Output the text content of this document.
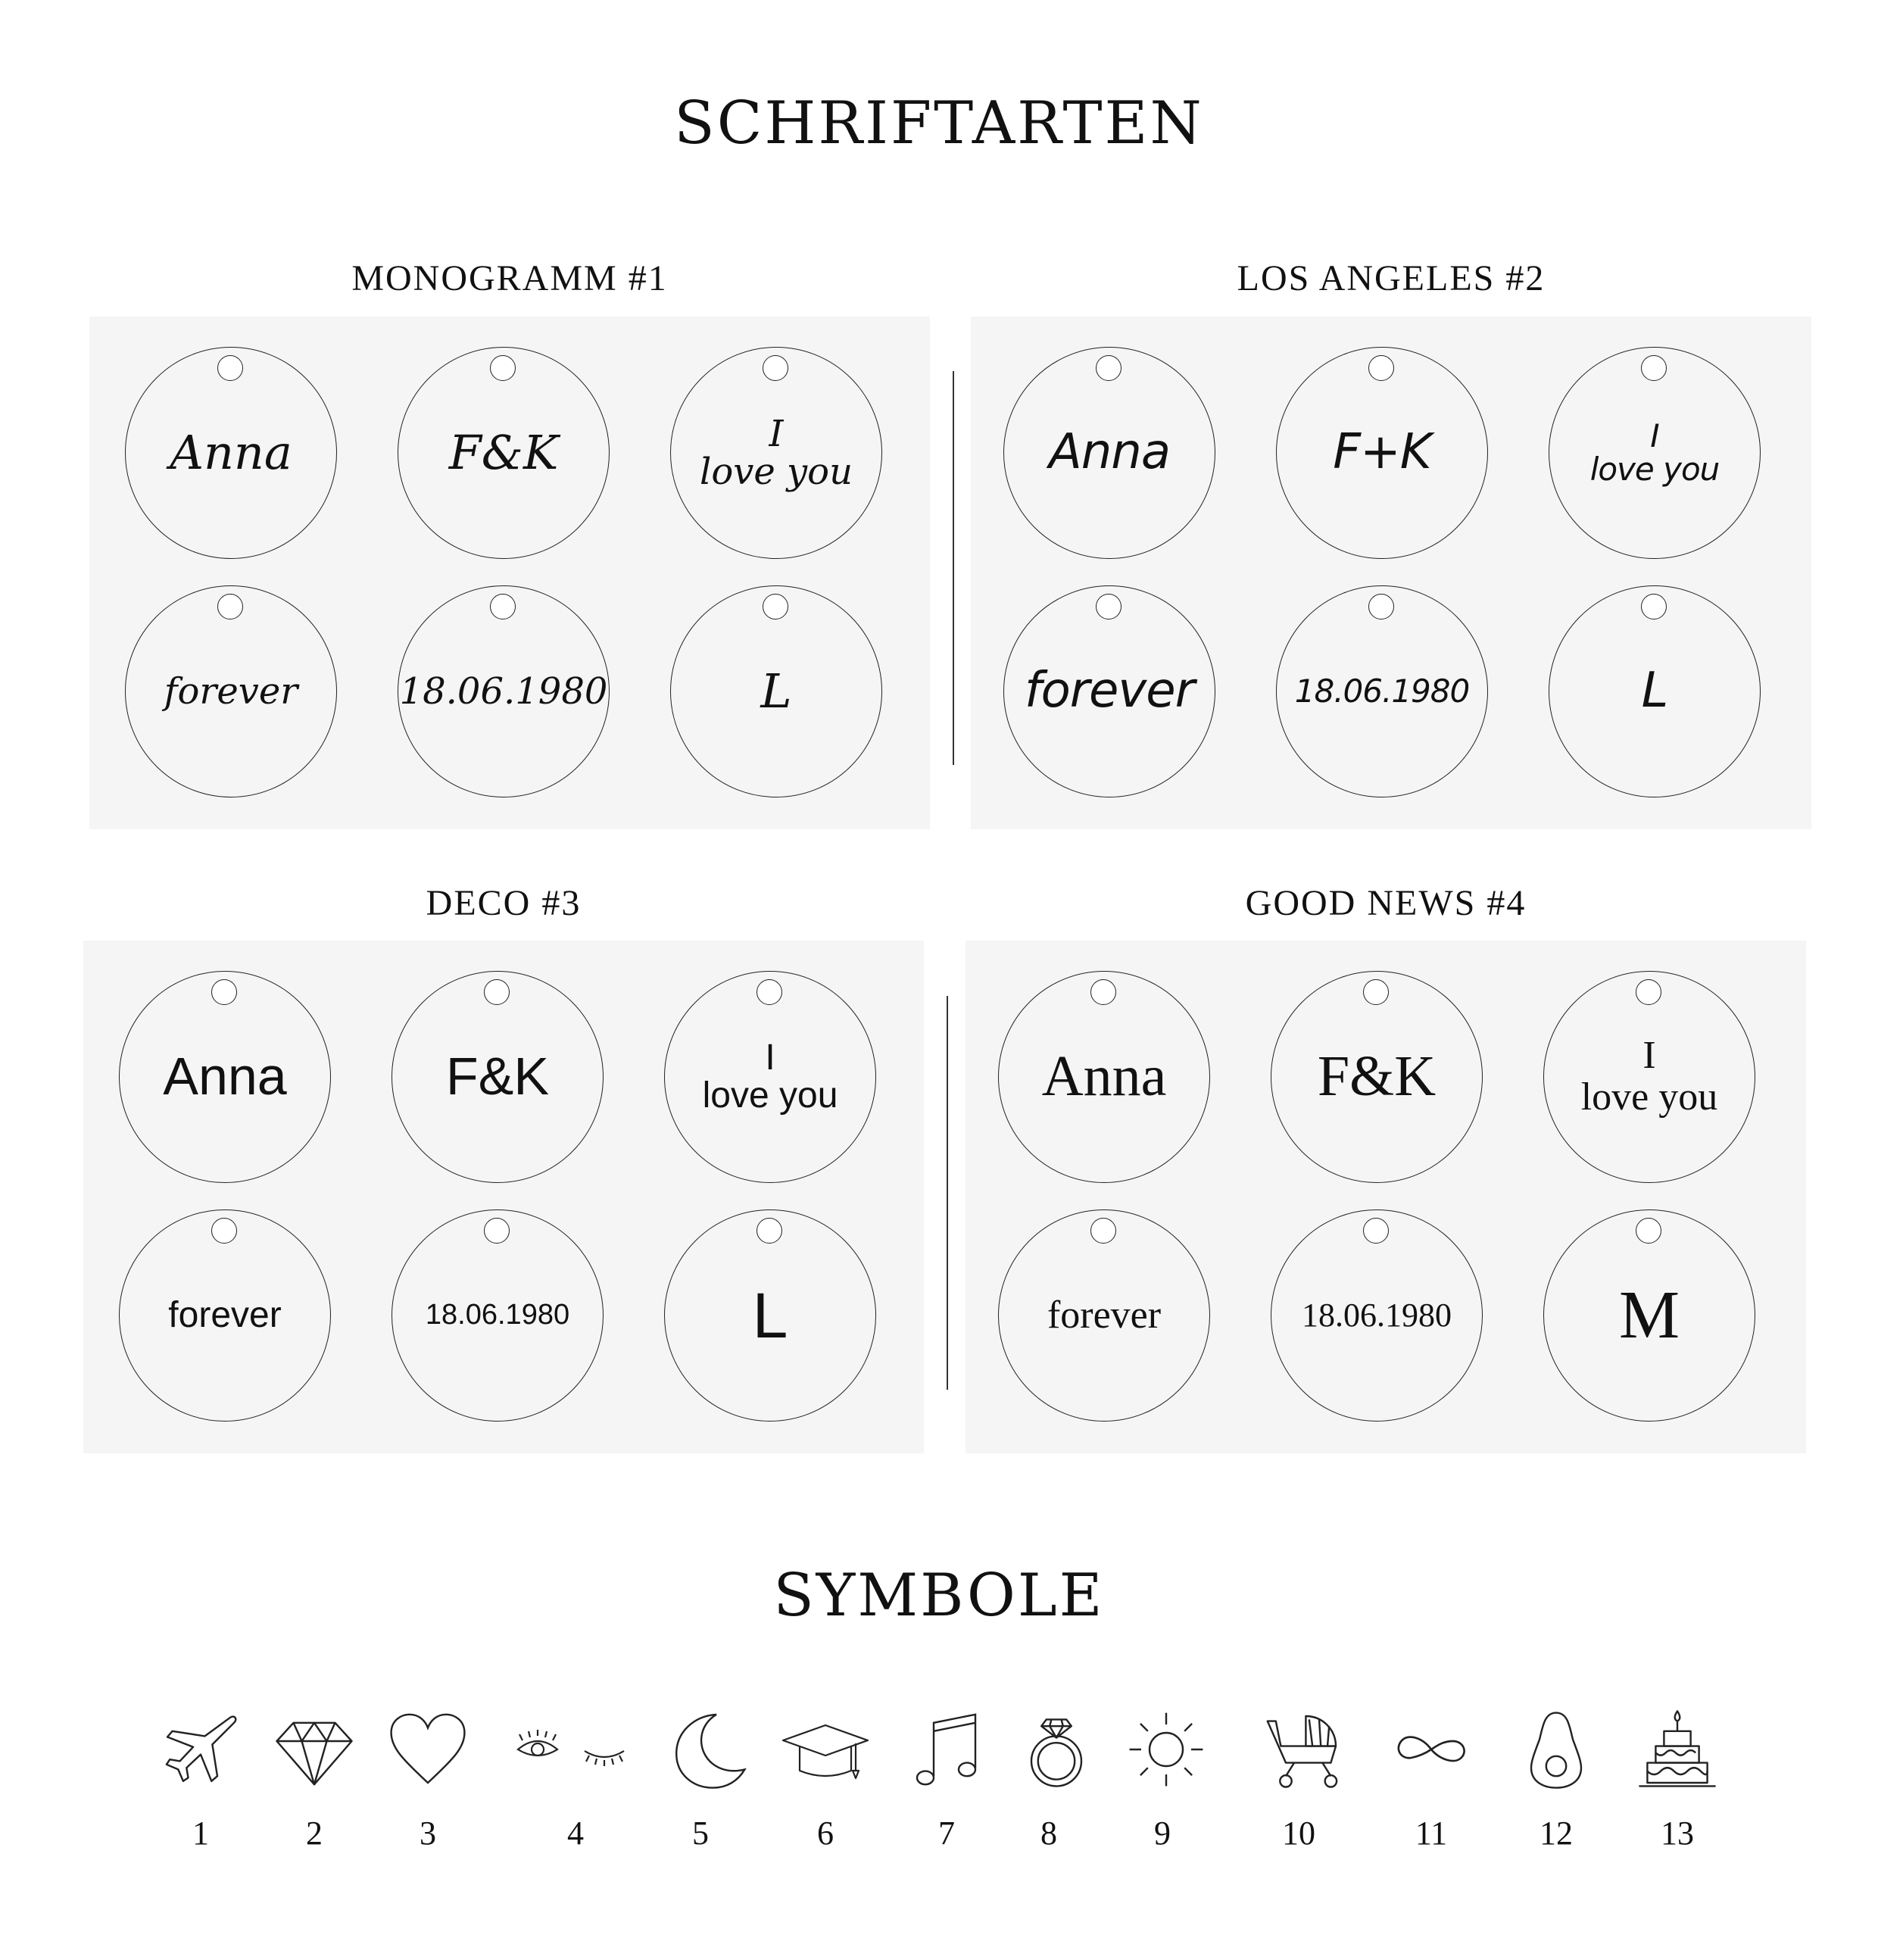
SCHRIFTARTEN
MONOGRAMM #1	LOS ANGELES #2
DECO #3	GOOD NEWS #4
Anna	F&K	I
love you
forever	18.06.1980	L
Anna	F+K	I
love you
forever	18.06.1980	L
Anna	F&K	I
love you
forever	18.06.1980	L
Anna	F&K	I
love you
forever	18.06.1980 M
SYMBOLE
1	2	3	4	5	6	7	8	9	10	11	12	13
